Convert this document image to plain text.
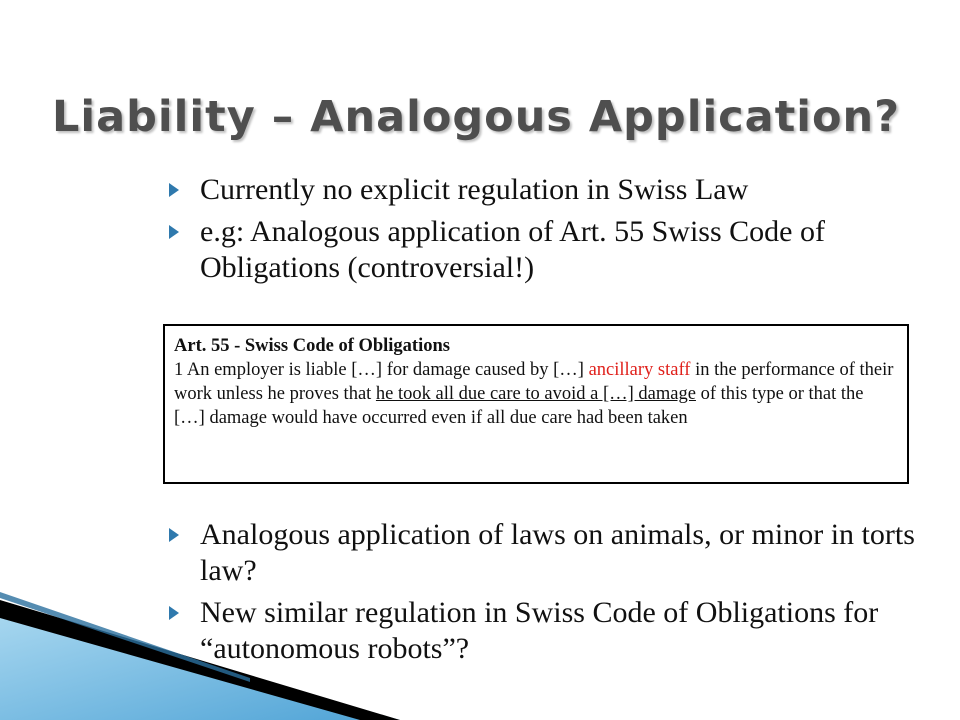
Liability – Analogous Application?
Currently no explicit regulation in Swiss Law
e.g: Analogous application of Art. 55 Swiss Code of Obligations (controversial!)
Art. 55 - Swiss Code of Obligations
1 An employer is liable […] for damage caused by […] ancillary staff in the performance of their work unless he proves that he took all due care to avoid a […] damage of this type or that the […] damage would have occurred even if all due care had been taken
Analogous application of laws on animals, or minor in torts law?
New similar regulation in Swiss Code of Obligations for “autonomous robots”?
